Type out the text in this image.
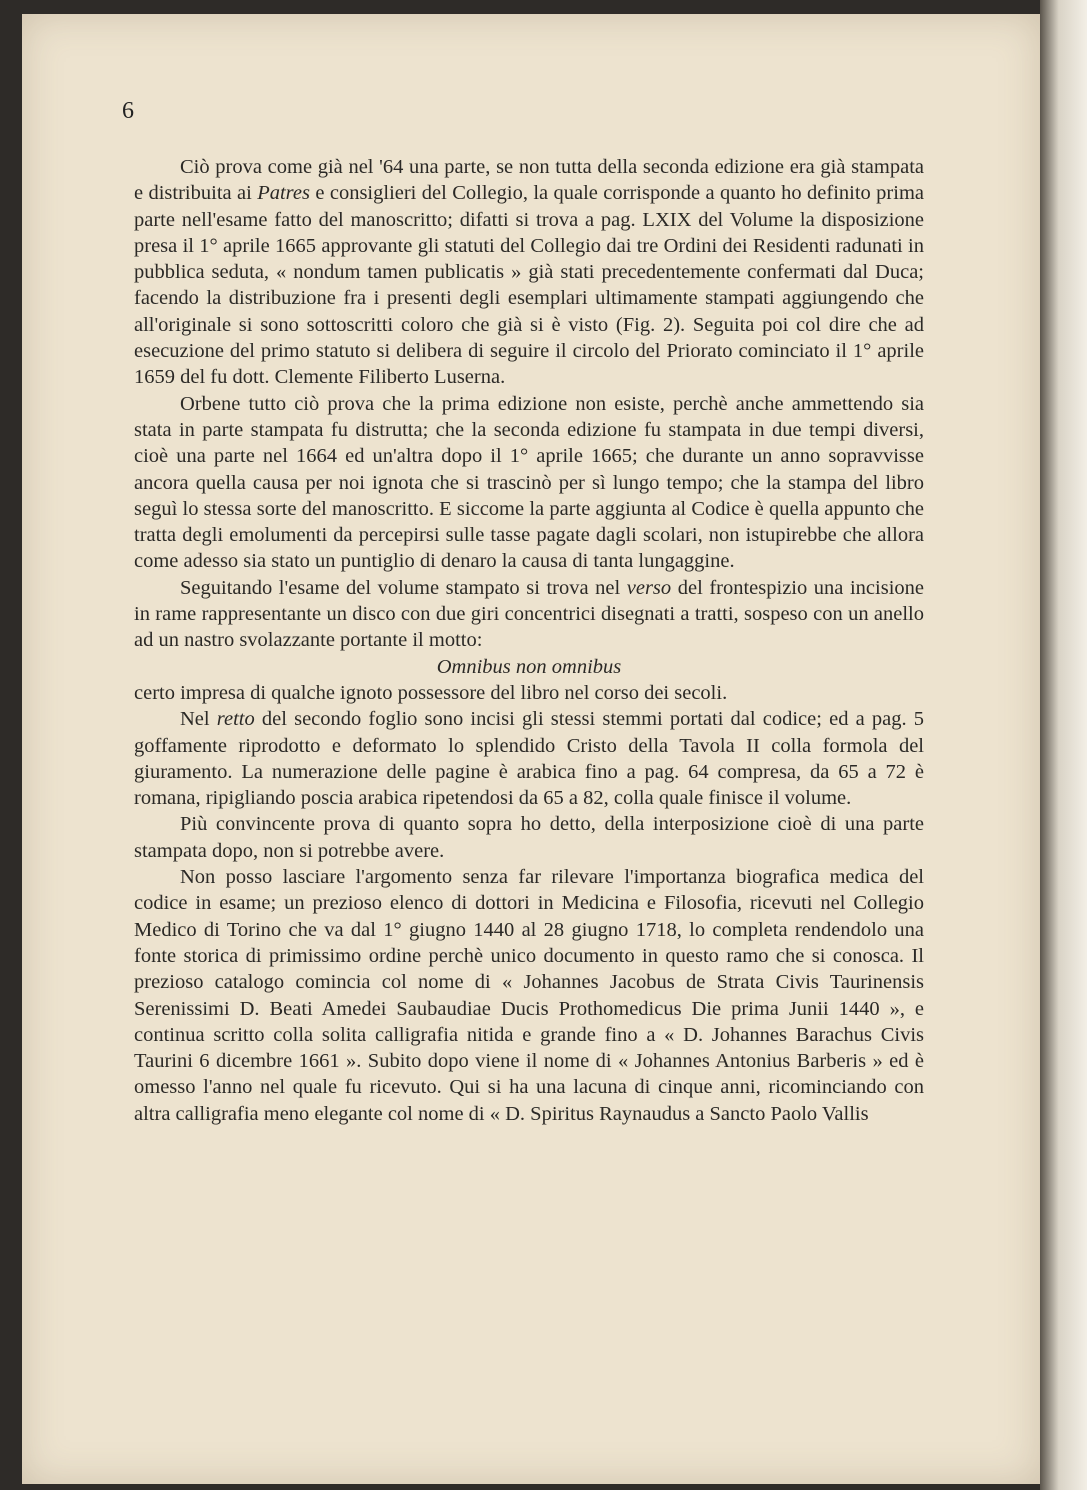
6

Ciò prova come già nel '64 una parte, se non tutta della seconda edizione era già stampata e distribuita ai Patres e consiglieri del Collegio, la quale corrisponde a quanto ho definito prima parte nell'esame fatto del manoscritto; difatti si trova a pag. LXIX del Volume la disposizione presa il 1° aprile 1665 approvante gli statuti del Collegio dai tre Ordini dei Residenti radunati in pubblica seduta, « nondum tamen publicatis » già stati precedentemente confermati dal Duca; facendo la distribuzione fra i presenti degli esemplari ultimamente stampati aggiungendo che all'originale si sono sottoscritti coloro che già si è visto (Fig. 2). Seguita poi col dire che ad esecuzione del primo statuto si delibera di seguire il circolo del Priorato cominciato il 1° aprile 1659 del fu dott. Clemente Filiberto Luserna.

Orbene tutto ciò prova che la prima edizione non esiste, perchè anche ammettendo sia stata in parte stampata fu distrutta; che la seconda edizione fu stampata in due tempi diversi, cioè una parte nel 1664 ed un'altra dopo il 1° aprile 1665; che durante un anno sopravvisse ancora quella causa per noi ignota che si trascinò per sì lungo tempo; che la stampa del libro seguì lo stessa sorte del manoscritto. E siccome la parte aggiunta al Codice è quella appunto che tratta degli emolumenti da percepirsi sulle tasse pagate dagli scolari, non istupirebbe che allora come adesso sia stato un puntiglio di denaro la causa di tanta lungaggine.

Seguitando l'esame del volume stampato si trova nel verso del frontespizio una incisione in rame rappresentante un disco con due giri concentrici disegnati a tratti, sospeso con un anello ad un nastro svolazzante portante il motto:

Omnibus non omnibus

certo impresa di qualche ignoto possessore del libro nel corso dei secoli.

Nel retto del secondo foglio sono incisi gli stessi stemmi portati dal codice; ed a pag. 5 goffamente riprodotto e deformato lo splendido Cristo della Tavola II colla formola del giuramento. La numerazione delle pagine è arabica fino a pag. 64 compresa, da 65 a 72 è romana, ripigliando poscia arabica ripetendosi da 65 a 82, colla quale finisce il volume.

Più convincente prova di quanto sopra ho detto, della interposizione cioè di una parte stampata dopo, non si potrebbe avere.

Non posso lasciare l'argomento senza far rilevare l'importanza biografica medica del codice in esame; un prezioso elenco di dottori in Medicina e Filosofia, ricevuti nel Collegio Medico di Torino che va dal 1° giugno 1440 al 28 giugno 1718, lo completa rendendolo una fonte storica di primissimo ordine perchè unico documento in questo ramo che si conosca. Il prezioso catalogo comincia col nome di « Johannes Jacobus de Strata Civis Taurinensis Serenissimi D. Beati Amedei Saubaudiae Ducis Prothomedicus Die prima Junii 1440 », e continua scritto colla solita calligrafia nitida e grande fino a « D. Johannes Barachus Civis Taurini 6 dicembre 1661 ». Subito dopo viene il nome di « Johannes Antonius Barberis » ed è omesso l'anno nel quale fu ricevuto. Qui si ha una lacuna di cinque anni, ricominciando con altra calligrafia meno elegante col nome di « D. Spiritus Raynaudus a Sancto Paolo Vallis
